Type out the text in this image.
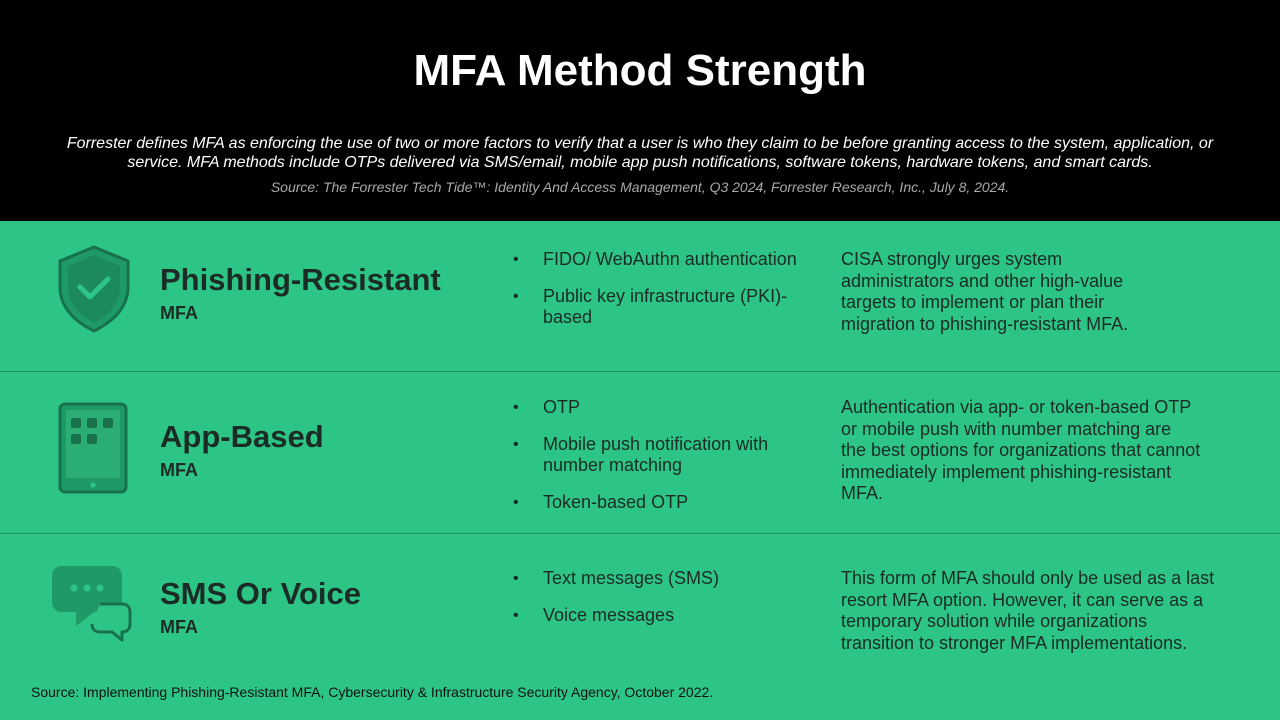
MFA Method Strength

Forrester defines MFA as enforcing the use of two or more factors to verify that a user is who they claim to be before granting access to the system, application, or service. MFA methods include OTPs delivered via SMS/email, mobile app push notifications, software tokens, hardware tokens, and smart cards.

Source: The Forrester Tech Tide™: Identity And Access Management, Q3 2024, Forrester Research, Inc., July 8, 2024.

Phishing-Resistant
MFA
• FIDO/ WebAuthn authentication
• Public key infrastructure (PKI)-based

CISA strongly urges system administrators and other high-value targets to implement or plan their migration to phishing-resistant MFA.

App-Based
MFA
• OTP
• Mobile push notification with number matching
• Token-based OTP

Authentication via app- or token-based OTP or mobile push with number matching are the best options for organizations that cannot immediately implement phishing-resistant MFA.

SMS Or Voice
MFA
• Text messages (SMS)
• Voice messages

This form of MFA should only be used as a last resort MFA option. However, it can serve as a temporary solution while organizations transition to stronger MFA implementations.

Source: Implementing Phishing-Resistant MFA, Cybersecurity & Infrastructure Security Agency, October 2022.
